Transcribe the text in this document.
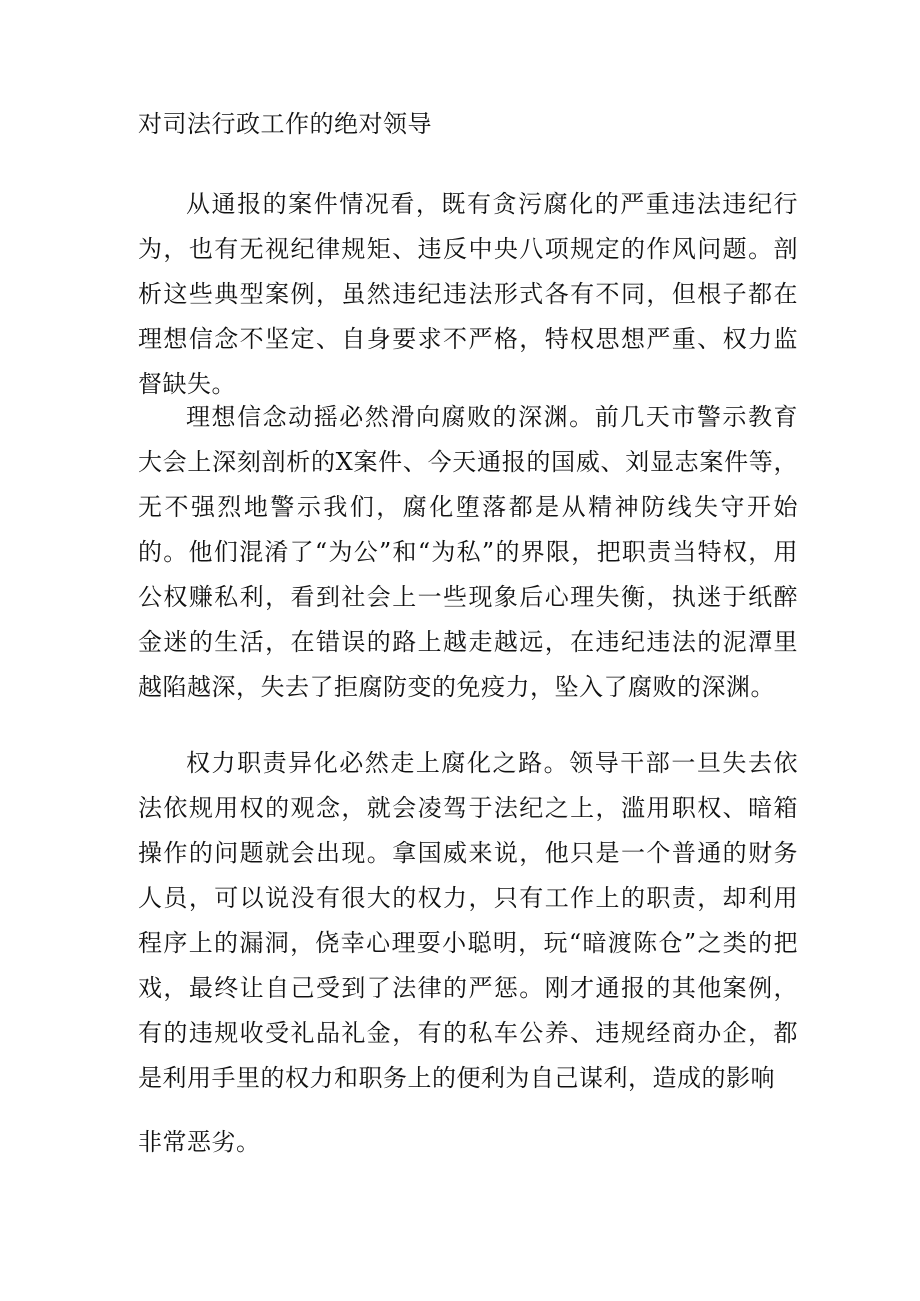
对司法行政工作的绝对领导

从通报的案件情况看，既有贪污腐化的严重违法违纪行为，也有无视纪律规矩、违反中央八项规定的作风问题。剖析这些典型案例，虽然违纪违法形式各有不同，但根子都在理想信念不坚定、自身要求不严格，特权思想严重、权力监督缺失。

理想信念动摇必然滑向腐败的深渊。前几天市警示教育大会上深刻剖析的X案件、今天通报的国威、刘显志案件等，无不强烈地警示我们，腐化堕落都是从精神防线失守开始的。他们混淆了“为公”和“为私”的界限，把职责当特权，用公权赚私利，看到社会上一些现象后心理失衡，执迷于纸醉金迷的生活，在错误的路上越走越远，在违纪违法的泥潭里越陷越深，失去了拒腐防变的免疫力，坠入了腐败的深渊。

权力职责异化必然走上腐化之路。领导干部一旦失去依法依规用权的观念，就会凌驾于法纪之上，滥用职权、暗箱操作的问题就会出现。拿国威来说，他只是一个普通的财务人员，可以说没有很大的权力，只有工作上的职责，却利用程序上的漏洞，侥幸心理耍小聪明，玩“暗渡陈仓”之类的把戏，最终让自己受到了法律的严惩。刚才通报的其他案例，有的违规收受礼品礼金，有的私车公养、违规经商办企，都是利用手里的权力和职务上的便利为自己谋利，造成的影响

非常恶劣。
